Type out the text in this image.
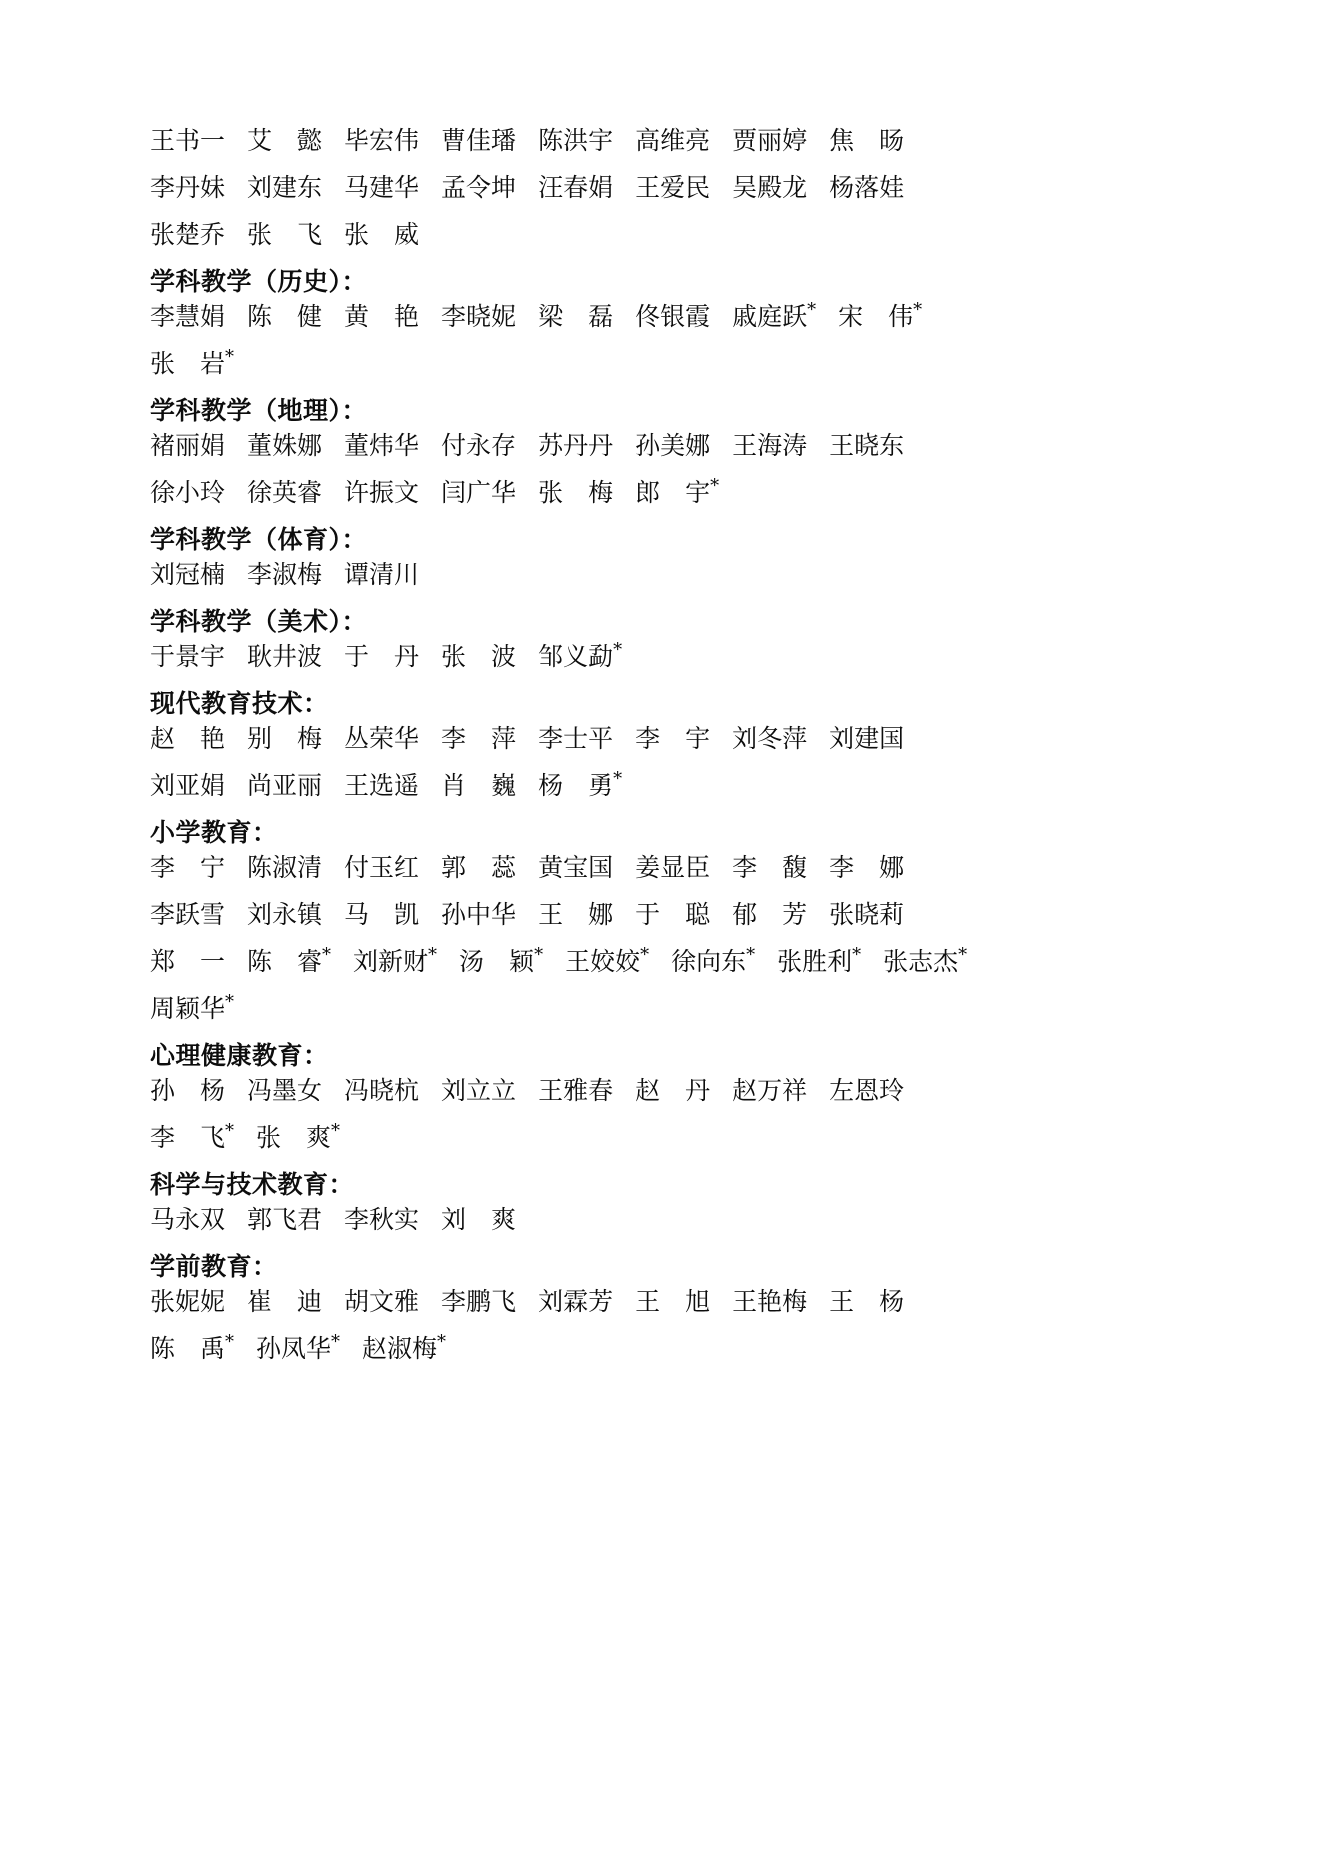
王书一 艾　懿 毕宏伟 曹佳璠 陈洪宇 高维亮 贾丽婷 焦　旸
李丹妹 刘建东 马建华 孟令坤 汪春娟 王爱民 吴殿龙 杨落娃
张楚乔 张　飞 张　威
学科教学（历史）：
李慧娟 陈　健 黄　艳 李晓妮 梁　磊 佟银霞 戚庭跃* 宋　伟*
张　岩*
学科教学（地理）：
褚丽娟 董姝娜 董炜华 付永存 苏丹丹 孙美娜 王海涛 王晓东
徐小玲 徐英睿 许振文 闫广华 张　梅 郎　宇*
学科教学（体育）：
刘冠楠 李淑梅 谭清川
学科教学（美术）：
于景宇 耿井波 于　丹 张　波 邹义勐*
现代教育技术：
赵　艳 别　梅 丛荣华 李　萍 李士平 李　宇 刘冬萍 刘建国
刘亚娟 尚亚丽 王选遥 肖　巍 杨　勇*
小学教育：
李　宁 陈淑清 付玉红 郭　蕊 黄宝国 姜显臣 李　馥 李　娜
李跃雪 刘永镇 马　凯 孙中华 王　娜 于　聪 郁　芳 张晓莉
郑　一 陈　睿* 刘新财* 汤　颖* 王姣姣* 徐向东* 张胜利* 张志杰*
周颖华*
心理健康教育：
孙　杨 冯墨女 冯晓杭 刘立立 王雅春 赵　丹 赵万祥 左恩玲
李　飞* 张　爽*
科学与技术教育：
马永双 郭飞君 李秋实 刘　爽
学前教育：
张妮妮 崔　迪 胡文雅 李鹏飞 刘霖芳 王　旭 王艳梅 王　杨
陈　禹* 孙凤华* 赵淑梅*
